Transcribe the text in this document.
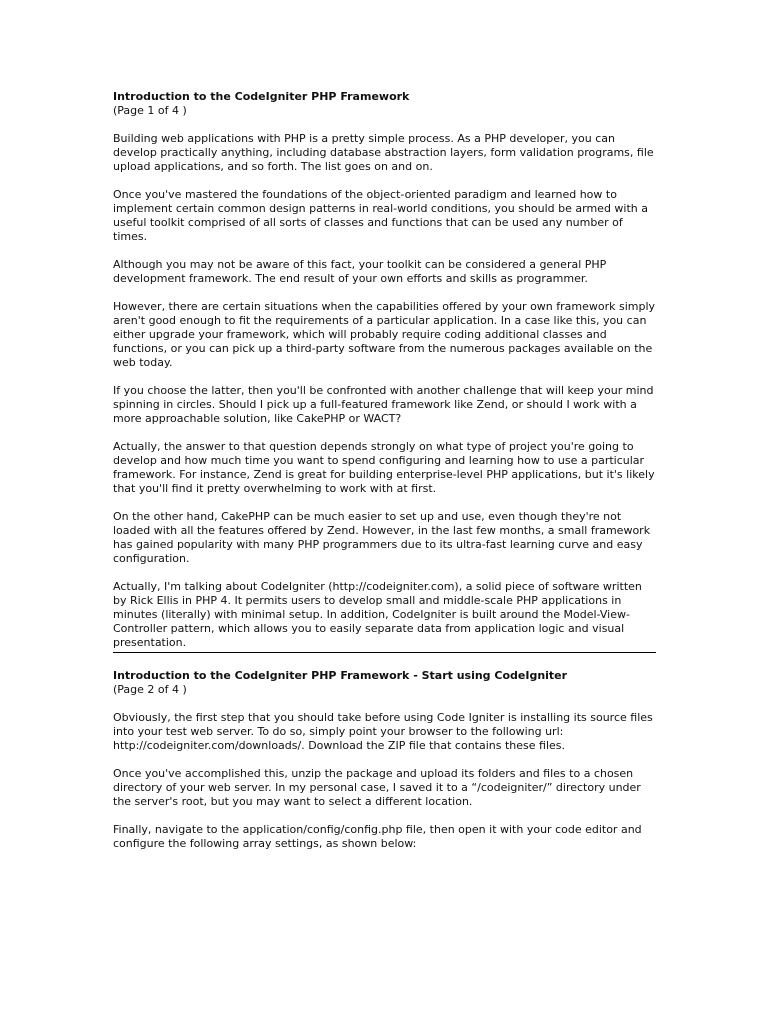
Introduction to the CodeIgniter PHP Framework
(Page 1 of 4 )

Building web applications with PHP is a pretty simple process. As a PHP developer, you can develop practically anything, including database abstraction layers, form validation programs, file upload applications, and so forth. The list goes on and on.

Once you've mastered the foundations of the object-oriented paradigm and learned how to implement certain common design patterns in real-world conditions, you should be armed with a useful toolkit comprised of all sorts of classes and functions that can be used any number of times.

Although you may not be aware of this fact, your toolkit can be considered a general PHP development framework. The end result of your own efforts and skills as programmer.

However, there are certain situations when the capabilities offered by your own framework simply aren't good enough to fit the requirements of a particular application. In a case like this, you can either upgrade your framework, which will probably require coding additional classes and functions, or you can pick up a third-party software from the numerous packages available on the web today.

If you choose the latter, then you'll be confronted with another challenge that will keep your mind spinning in circles. Should I pick up a full-featured framework like Zend, or should I work with a more approachable solution, like CakePHP or WACT?

Actually, the answer to that question depends strongly on what type of project you're going to develop and how much time you want to spend configuring and learning how to use a particular framework. For instance, Zend is great for building enterprise-level PHP applications, but it's likely that you'll find it pretty overwhelming to work with at first.

On the other hand, CakePHP can be much easier to set up and use, even though they're not loaded with all the features offered by Zend. However, in the last few months, a small framework has gained popularity with many PHP programmers due to its ultra-fast learning curve and easy configuration.

Actually, I'm talking about CodeIgniter (http://codeigniter.com), a solid piece of software written by Rick Ellis in PHP 4. It permits users to develop small and middle-scale PHP applications in minutes (literally) with minimal setup. In addition, CodeIgniter is built around the Model-View-Controller pattern, which allows you to easily separate data from application logic and visual presentation.

Introduction to the CodeIgniter PHP Framework - Start using CodeIgniter
(Page 2 of 4 )

Obviously, the first step that you should take before using Code Igniter is installing its source files into your test web server. To do so, simply point your browser to the following url: http://codeigniter.com/downloads/. Download the ZIP file that contains these files.

Once you've accomplished this, unzip the package and upload its folders and files to a chosen directory of your web server. In my personal case, I saved it to a “/codeigniter/” directory under the server's root, but you may want to select a different location.

Finally, navigate to the application/config/config.php file, then open it with your code editor and configure the following array settings, as shown below:
